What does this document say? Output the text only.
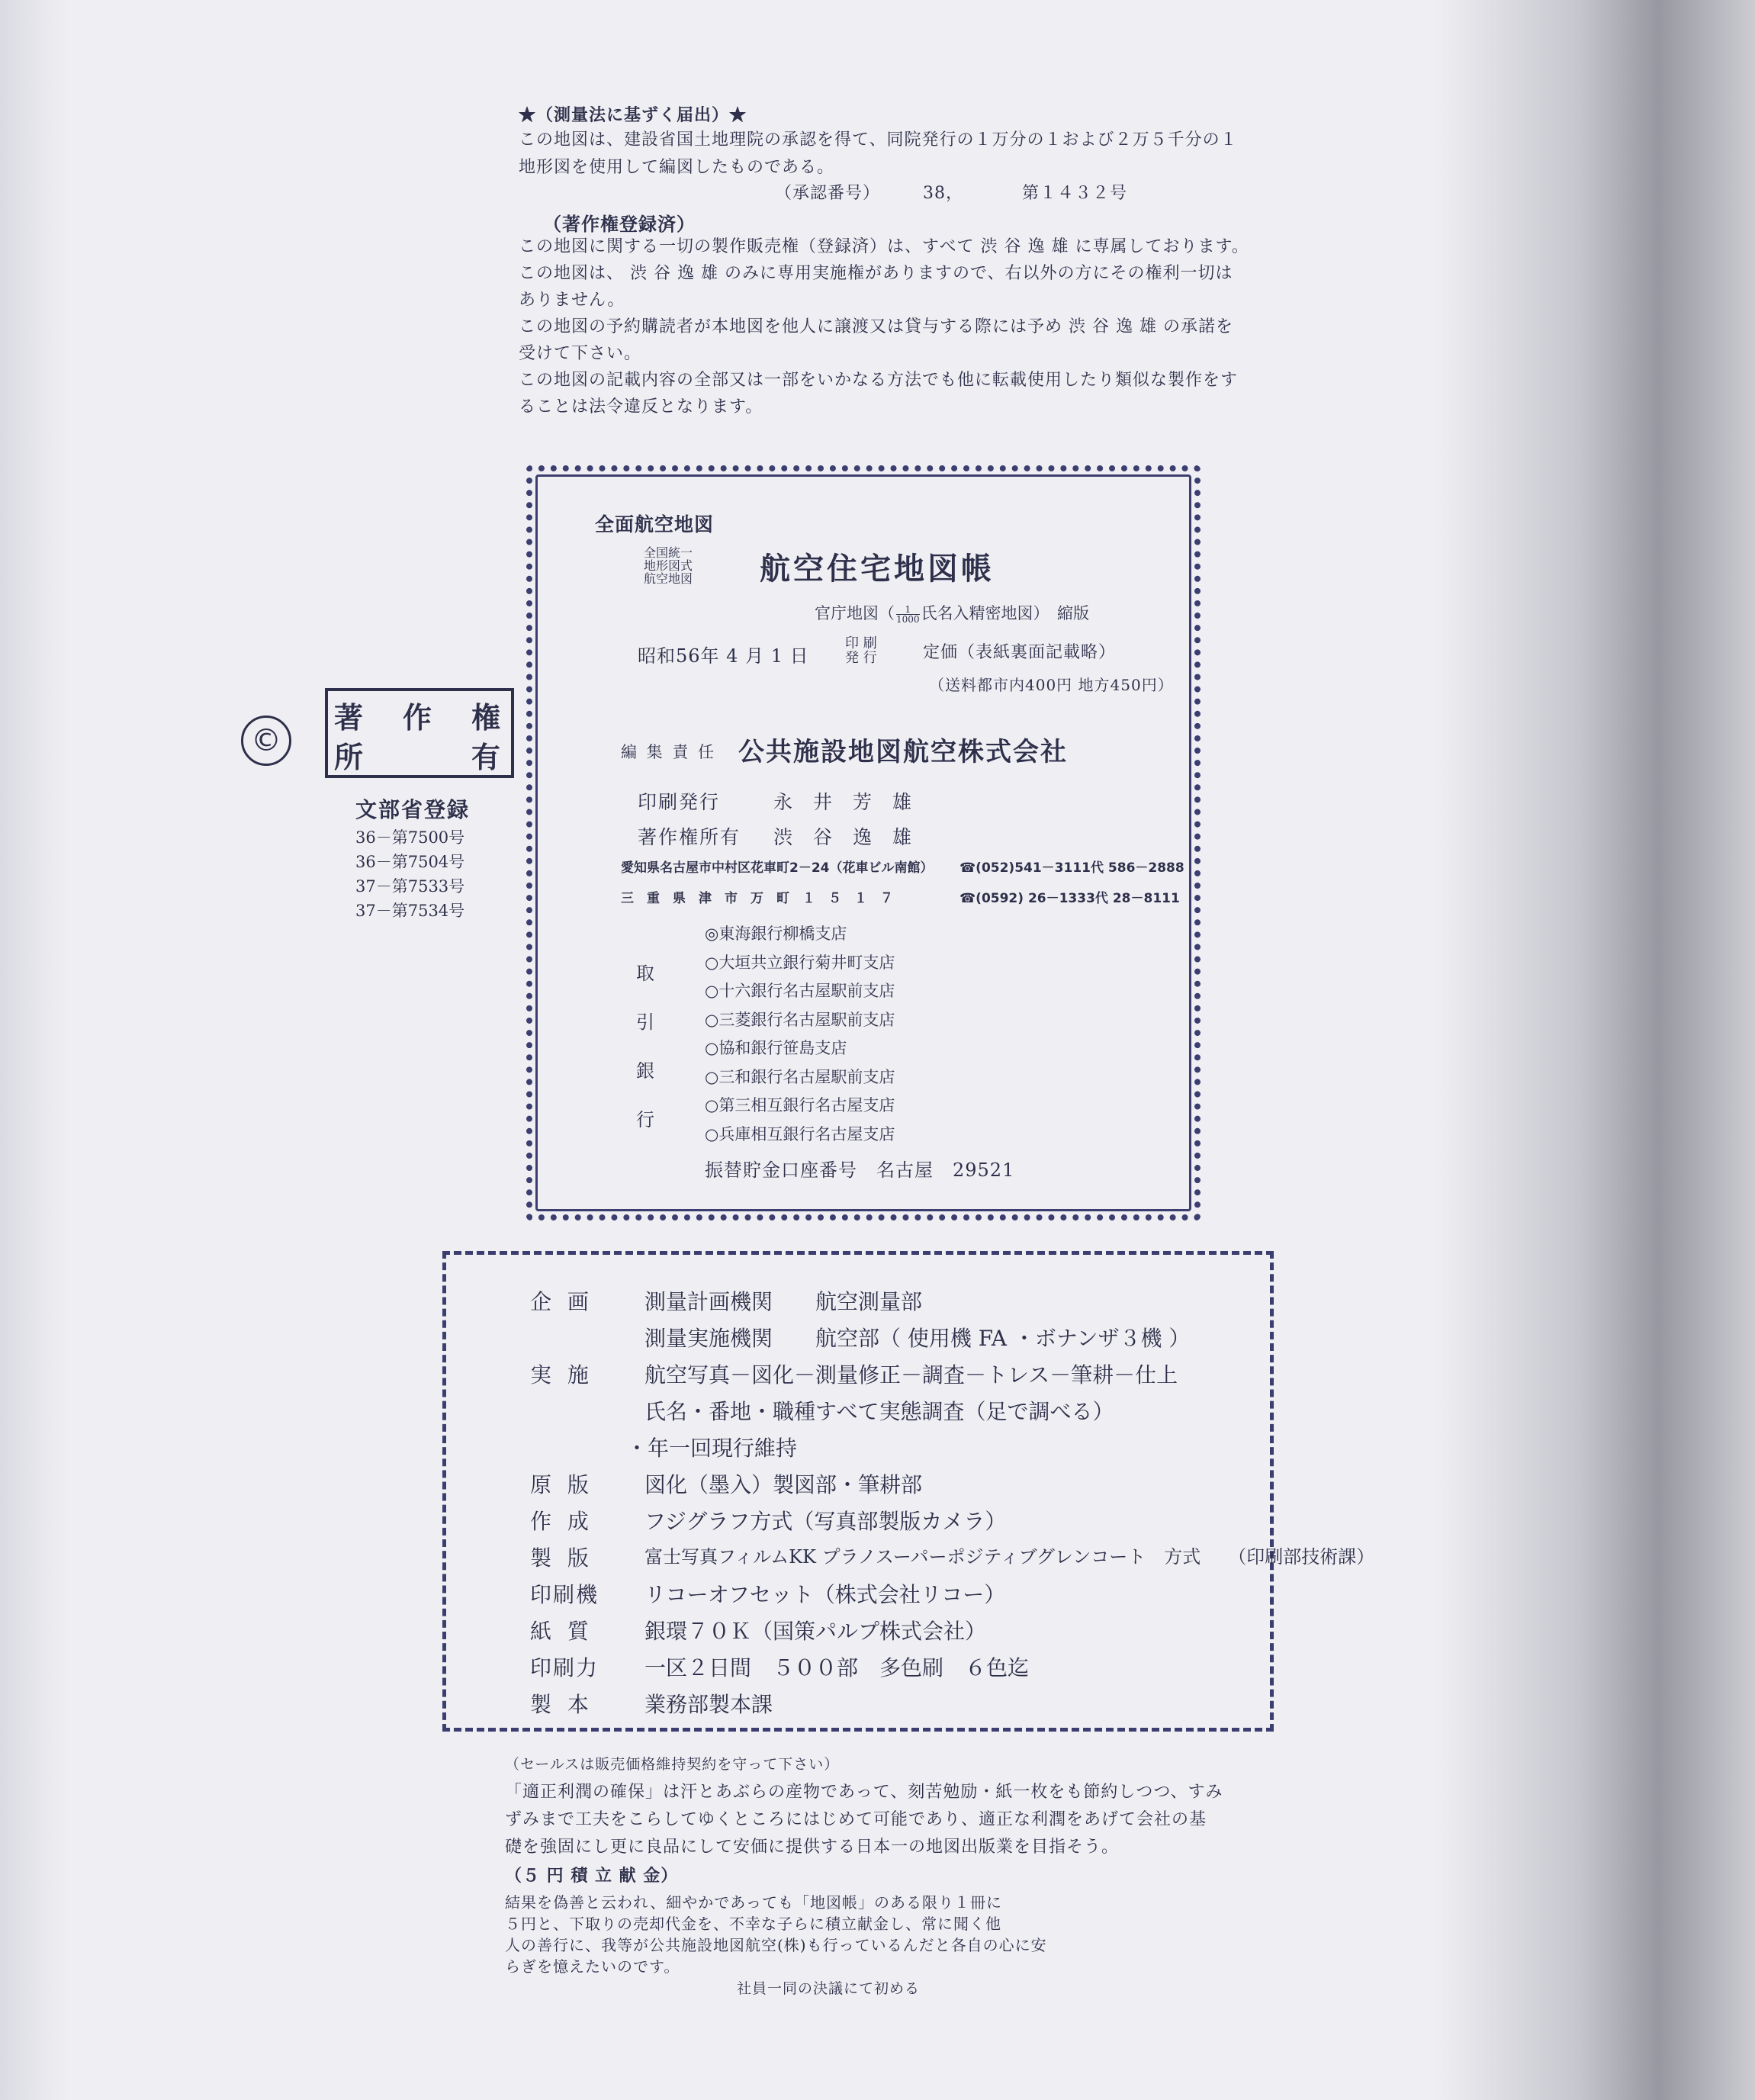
★（測量法に基ずく届出）★
この地図は、建設省国土地理院の承認を得て、同院発行の１万分の１および２万５千分の１
地形図を使用して編図したものである。
（承認番号）	38，	第１４３２号
（著作権登録済）
この地図に関する一切の製作販売権（登録済）は、すべて 渋 谷 逸 雄 に専属しております。
この地図は、 渋 谷 逸 雄 のみに専用実施権がありますので、右以外の方にその権利一切は
ありません。
この地図の予約購読者が本地図を他人に譲渡又は貸与する際には予め 渋 谷 逸 雄 の承諾を
受けて下さい。
この地図の記載内容の全部又は一部をいかなる方法でも他に転載使用したり類似な製作をす
ることは法令違反となります。
©
著 作 権
所	有
文部省登録
36－第7500号
36－第7504号
37－第7533号
37－第7534号
全面航空地図
全国統一
地形図式
航空地図 航空住宅地図帳
官庁地図（ $\frac{1}{1000}$ 氏名入精密地図）　縮版
昭和56年 4 月 1 日
印 刷
発 行	定価（表紙裏面記載略）
（送料都市内400円 地方450円）
編 集 責 任 公共施設地図航空株式会社
印刷発行	永　井　芳　雄
著作権所有 渋　谷　逸　雄
愛知県名古屋市中村区花車町2－24（花車ビル南館） ☎(052)541－3111代 586－2888
三　重　県　津　市　万　町　１　５　１　７	☎(0592) 26－1333代 28－8111
取
引
銀
行
◎東海銀行柳橋支店
○大垣共立銀行菊井町支店
○十六銀行名古屋駅前支店
○三菱銀行名古屋駅前支店
○協和銀行笹島支店
○三和銀行名古屋駅前支店
○第三相互銀行名古屋支店
○兵庫相互銀行名古屋支店
振替貯金口座番号　名古屋　29521
企 画 測量計画機関　　航空測量部
測量実施機関　　航空部（ 使用機 FA ・ボナンザ３機 ）
実 施 航空写真－図化－測量修正－調査－トレス－筆耕－仕上
氏名・番地・職種すべて実態調査（足で調べる）
・年一回現行維持
原 版 図化（墨入）製図部・筆耕部
作 成 フジグラフ方式（写真部製版カメラ）
製 版	富士写真フィルムKK プラノスーパーポジティブグレンコート　方式　　（印刷部技術課）
印刷機 リコーオフセット（株式会社リコー）
紙 質 銀環７０Ｋ（国策パルプ株式会社）
印刷力 一区２日間　５００部　多色刷　６色迄
製 本 業務部製本課
（セールスは販売価格維持契約を守って下さい）
「適正利潤の確保」は汗とあぶらの産物であって、刻苦勉励・紙一枚をも節約しつつ、すみ
ずみまで工夫をこらしてゆくところにはじめて可能であり、適正な利潤をあげて会社の基
礎を強固にし更に良品にして安価に提供する日本一の地図出版業を目指そう。
（５ 円 積 立 献 金）
結果を偽善と云われ、細やかであっても「地図帳」のある限り１冊に
５円と、下取りの売却代金を、不幸な子らに積立献金し、常に聞く他
人の善行に、我等が公共施設地図航空(株)も行っているんだと各自の心に安
らぎを憶えたいのです。
社員一同の決議にて初める
